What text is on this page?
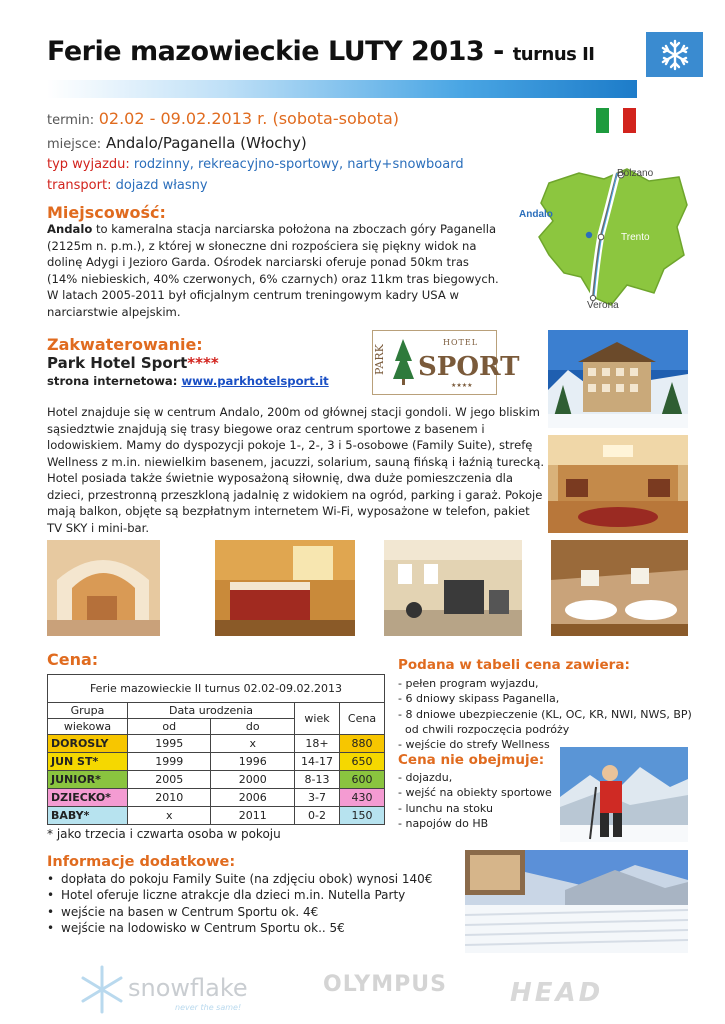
Ferie mazowieckie LUTY 2013 - turnus II
termin: 02.02 - 09.02.2013 r. (sobota-sobota)
miejsce: Andalo/Paganella (Włochy)
typ wyjazdu: rodzinny, rekreacyjno-sportowy, narty+snowboard
transport: dojazd własny
Bolzano
Andalo
Trento
Verona
Miejscowość:
Andalo to kameralna stacja narciarska położona na zboczach góry Paganella (2125m n. p.m.), z której w słoneczne dni rozpościera się piękny widok na dolinę Adygi i Jezioro Garda. Ośrodek narciarski oferuje ponad 50km tras (14% niebieskich, 40% czerwonych, 6% czarnych) oraz 11km tras biegowych. W latach 2005-2011 był oficjalnym centrum treningowym kadry USA w narciarstwie alpejskim.
Zakwaterowanie:
Park Hotel Sport****
strona internetowa: www.parkhotelsport.it
PARK
HOTEL
SPORT
★★★★
Hotel znajduje się w centrum Andalo, 200m od głównej stacji gondoli. W jego bliskim sąsiedztwie znajdują się trasy biegowe oraz centrum sportowe z basenem i lodowiskiem. Mamy do dyspozycji pokoje 1-, 2-, 3 i 5-osobowe (Family Suite), strefę Wellness z m.in. niewielkim basenem, jacuzzi, solarium, sauną fińską i łaźnią turecką. Hotel posiada także świetnie wyposażoną siłownię, dwa duże pomieszczenia dla dzieci, przestronną przeszkloną jadalnię z widokiem na ogród, parking i garaż. Pokoje mają balkon, objęte są bezpłatnym internetem Wi-Fi, wyposażone w telefon, pakiet TV SKY i mini-bar.
Cena:
Ferie mazowieckie II turnus 02.02-09.02.2013				
Grupa	Data urodzenia		wiek	Cena
wiekowa	od	do		
DOROSLY	1995	x	18+	880
JUN ST*	1999	1996	14-17	650
JUNIOR*	2005	2000	8-13	600
DZIECKO*	2010	2006	3-7	430
BABY*	x	2011	0-2	150
* jako trzecia i czwarta osoba w pokoju
Podana w tabeli cena zawiera:
- pełen program wyjazdu,
- 6 dniowy skipass Paganella,
- 8 dniowe ubezpieczenie (KL, OC, KR, NWI, NWS, BP)
od chwili rozpoczęcia podróży
- wejście do strefy Wellness
Cena nie obejmuje:
- dojazdu,
- wejść na obiekty sportowe
- lunchu na stoku
- napojów do HB
Informacje dodatkowe:
• dopłata do pokoju Family Suite (na zdjęciu obok) wynosi 140€
• Hotel oferuje liczne atrakcje dla dzieci m.in. Nutella Party
• wejście na basen w Centrum Sportu ok. 4€
• wejście na lodowisko w Centrum Sportu ok.. 5€
snowflake
never the same!
OLYMPUS HEAD
